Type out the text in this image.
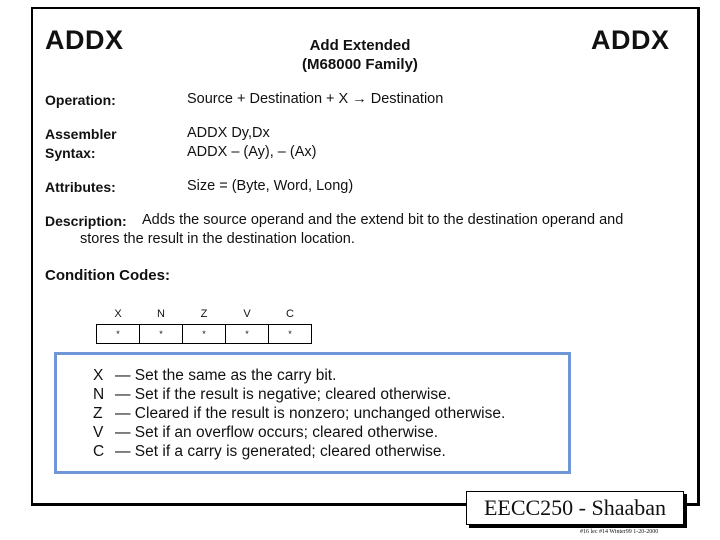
ADDX	ADDX
Add Extended
(M68000 Family)
Operation:	Source + Destination + X → Destination
Assembler
Syntax:
ADDX Dy,Dx
ADDX – (Ay), – (Ax)
Attributes:	Size = (Byte, Word, Long)
Description: Adds the source operand and the extend bit to the destination operand and
stores the result in the destination location.
Condition Codes:
X	N	Z	V	C
*	*	*	*	*
X — Set the same as the carry bit.
N — Set if the result is negative; cleared otherwise.
Z — Cleared if the result is nonzero; unchanged otherwise.
V — Set if an overflow occurs; cleared otherwise.
C — Set if a carry is generated; cleared otherwise.
EECC250 - Shaaban
#16 lec #14 Winter99 1-20-2000
